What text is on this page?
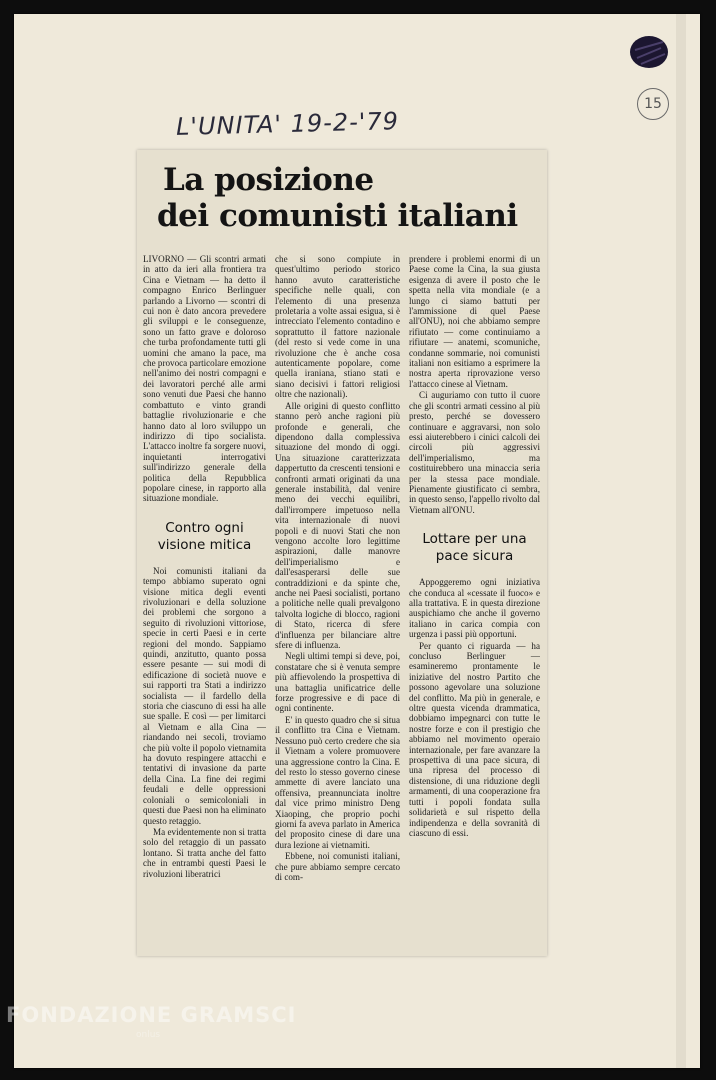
L'UNITA' 19-2-'79
15
La posizione
dei comunisti italiani

LIVORNO — Gli scontri armati in atto da ieri alla frontiera tra Cina e Vietnam — ha detto il compagno Enrico Berlinguer parlando a Livorno — scontri di cui non è dato ancora prevedere gli sviluppi e le conseguenze, sono un fatto grave e doloroso che turba profondamente tutti gli uomini che amano la pace, ma che provoca particolare emozione nell'animo dei nostri compagni e dei lavoratori perché alle armi sono venuti due Paesi che hanno combattuto e vinto grandi battaglie rivoluzionarie e che hanno dato al loro sviluppo un indirizzo di tipo socialista. L'attacco inoltre fa sorgere nuovi, inquietanti interrogativi sull'indirizzo generale della politica della Repubblica popolare cinese, in rapporto alla situazione mondiale.

Contro ogni visione mitica

Noi comunisti italiani da tempo abbiamo superato ogni visione mitica degli eventi rivoluzionari e della soluzione dei problemi che sorgono a seguito di rivoluzioni vittoriose, specie in certi Paesi e in certe regioni del mondo. Sappiamo quindi, anzitutto, quanto possa essere pesante — sui modi di edificazione di società nuove e sui rapporti tra Stati a indirizzo socialista — il fardello della storia che ciascuno di essi ha alle sue spalle. E così — per limitarci al Vietnam e alla Cina — riandando nei secoli, troviamo che più volte il popolo vietnamita ha dovuto respingere attacchi e tentativi di invasione da parte della Cina. La fine dei regimi feudali e delle oppressioni coloniali o semicoloniali in questi due Paesi non ha eliminato questo retaggio.

Ma evidentemente non si tratta solo del retaggio di un passato lontano. Si tratta anche del fatto che in entrambi questi Paesi le rivoluzioni liberatrici

che si sono compiute in quest'ultimo periodo storico hanno avuto caratteristiche specifiche nelle quali, con l'elemento di una presenza proletaria a volte assai esigua, si è intrecciato l'elemento contadino e soprattutto il fattore nazionale (del resto si vede come in una rivoluzione che è anche cosa autenticamente popolare, come quella iraniana, stiano stati e siano decisivi i fattori religiosi oltre che nazionali).

Alle origini di questo conflitto stanno però anche ragioni più profonde e generali, che dipendono dalla complessiva situazione del mondo di oggi. Una situazione caratterizzata dappertutto da crescenti tensioni e confronti armati originati da una generale instabilità, dal venire meno dei vecchi equilibri, dall'irrompere impetuoso nella vita internazionale di nuovi popoli e di nuovi Stati che non vengono accolte loro legittime aspirazioni, dalle manovre dell'imperialismo e dall'esasperarsi delle sue contraddizioni e da spinte che, anche nei Paesi socialisti, portano a politiche nelle quali prevalgono talvolta logiche di blocco, ragioni di Stato, ricerca di sfere d'influenza per bilanciare altre sfere di influenza.

Negli ultimi tempi si deve, poi, constatare che si è venuta sempre più affievolendo la prospettiva di una battaglia unificatrice delle forze progressive e di pace di ogni continente.

E' in questo quadro che si situa il conflitto tra Cina e Vietnam. Nessuno può certo credere che sia il Vietnam a volere promuovere una aggressione contro la Cina. E del resto lo stesso governo cinese ammette di avere lanciato una offensiva, preannunciata inoltre dal vice primo ministro Deng Xiaoping, che proprio pochi giorni fa aveva parlato in America del proposito cinese di dare una dura lezione ai vietnamiti.

Ebbene, noi comunisti italiani, che pure abbiamo sempre cercato di com-

prendere i problemi enormi di un Paese come la Cina, la sua giusta esigenza di avere il posto che le spetta nella vita mondiale (e a lungo ci siamo battuti per l'ammissione di quel Paese all'ONU), noi che abbiamo sempre rifiutato — come continuiamo a rifiutare — anatemi, scomuniche, condanne sommarie, noi comunisti italiani non esitiamo a esprimere la nostra aperta riprovazione verso l'attacco cinese al Vietnam.

Ci auguriamo con tutto il cuore che gli scontri armati cessino al più presto, perché se dovessero continuare e aggravarsi, non solo essi aiuterebbero i cinici calcoli dei circoli più aggressivi dell'imperialismo, ma costituirebbero una minaccia seria per la stessa pace mondiale. Pienamente giustificato ci sembra, in questo senso, l'appello rivolto dal Vietnam all'ONU.

Lottare per una pace sicura

Appoggeremo ogni iniziativa che conduca al «cessate il fuoco» e alla trattativa. E in questa direzione auspichiamo che anche il governo italiano in carica compia con urgenza i passi più opportuni.

Per quanto ci riguarda — ha concluso Berlinguer — esamineremo prontamente le iniziative del nostro Partito che possono agevolare una soluzione del conflitto. Ma più in generale, e oltre questa vicenda drammatica, dobbiamo impegnarci con tutte le nostre forze e con il prestigio che abbiamo nel movimento operaio internazionale, per fare avanzare la prospettiva di una pace sicura, di una ripresa del processo di distensione, di una riduzione degli armamenti, di una cooperazione fra tutti i popoli fondata sulla solidarietà e sul rispetto della indipendenza e della sovranità di ciascuno di essi.

FONDAZIONE GRAMSCI
onlus
